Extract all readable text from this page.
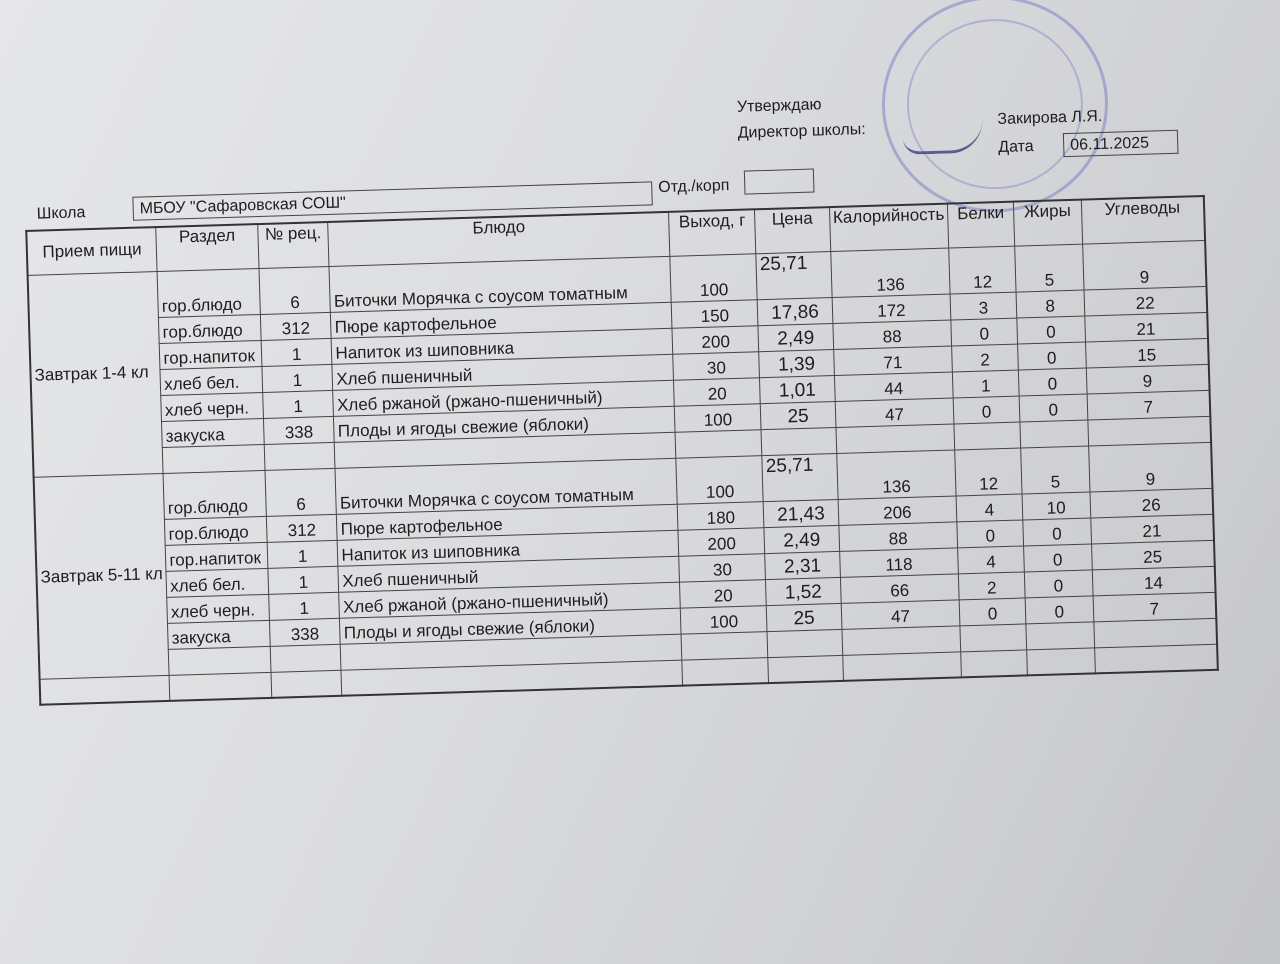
Утверждаю
Директор школы:
Закирова Л.Я.
Дата	06.11.2025
Школа	МБОУ "Сафаровская СОШ"
Отд./корп
Прием пищи	Раздел	№ рец.	Блюдо	Выход, г	Цена	Калорийность	Белки	Жиры	Углеводы
Завтрак 1-4 кл	гор.блюдо	6	Биточки Морячка с соусом томатным	100	25,71	136	12	5	9
	гор.блюдо	312	Пюре картофельное	150	17,86	172	3	8	22
	гор.напиток	1	Напиток из шиповника	200	2,49	88	0	0	21
	хлеб бел.	1	Хлеб пшеничный	30	1,39	71	2	0	15
	хлеб черн.	1	Хлеб ржаной (ржано-пшеничный)	20	1,01	44	1	0	9
	закуска	338	Плоды и ягоды свежие (яблоки)	100	25	47	0	0	7

Завтрак 5-11 кл	гор.блюдо	6	Биточки Морячка с соусом томатным	100	25,71	136	12	5	9
	гор.блюдо	312	Пюре картофельное	180	21,43	206	4	10	26
	гор.напиток	1	Напиток из шиповника	200	2,49	88	0	0	21
	хлеб бел.	1	Хлеб пшеничный	30	2,31	118	4	0	25
	хлеб черн.	1	Хлеб ржаной (ржано-пшеничный)	20	1,52	66	2	0	14
	закуска	338	Плоды и ягоды свежие (яблоки)	100	25	47	0	0	7
